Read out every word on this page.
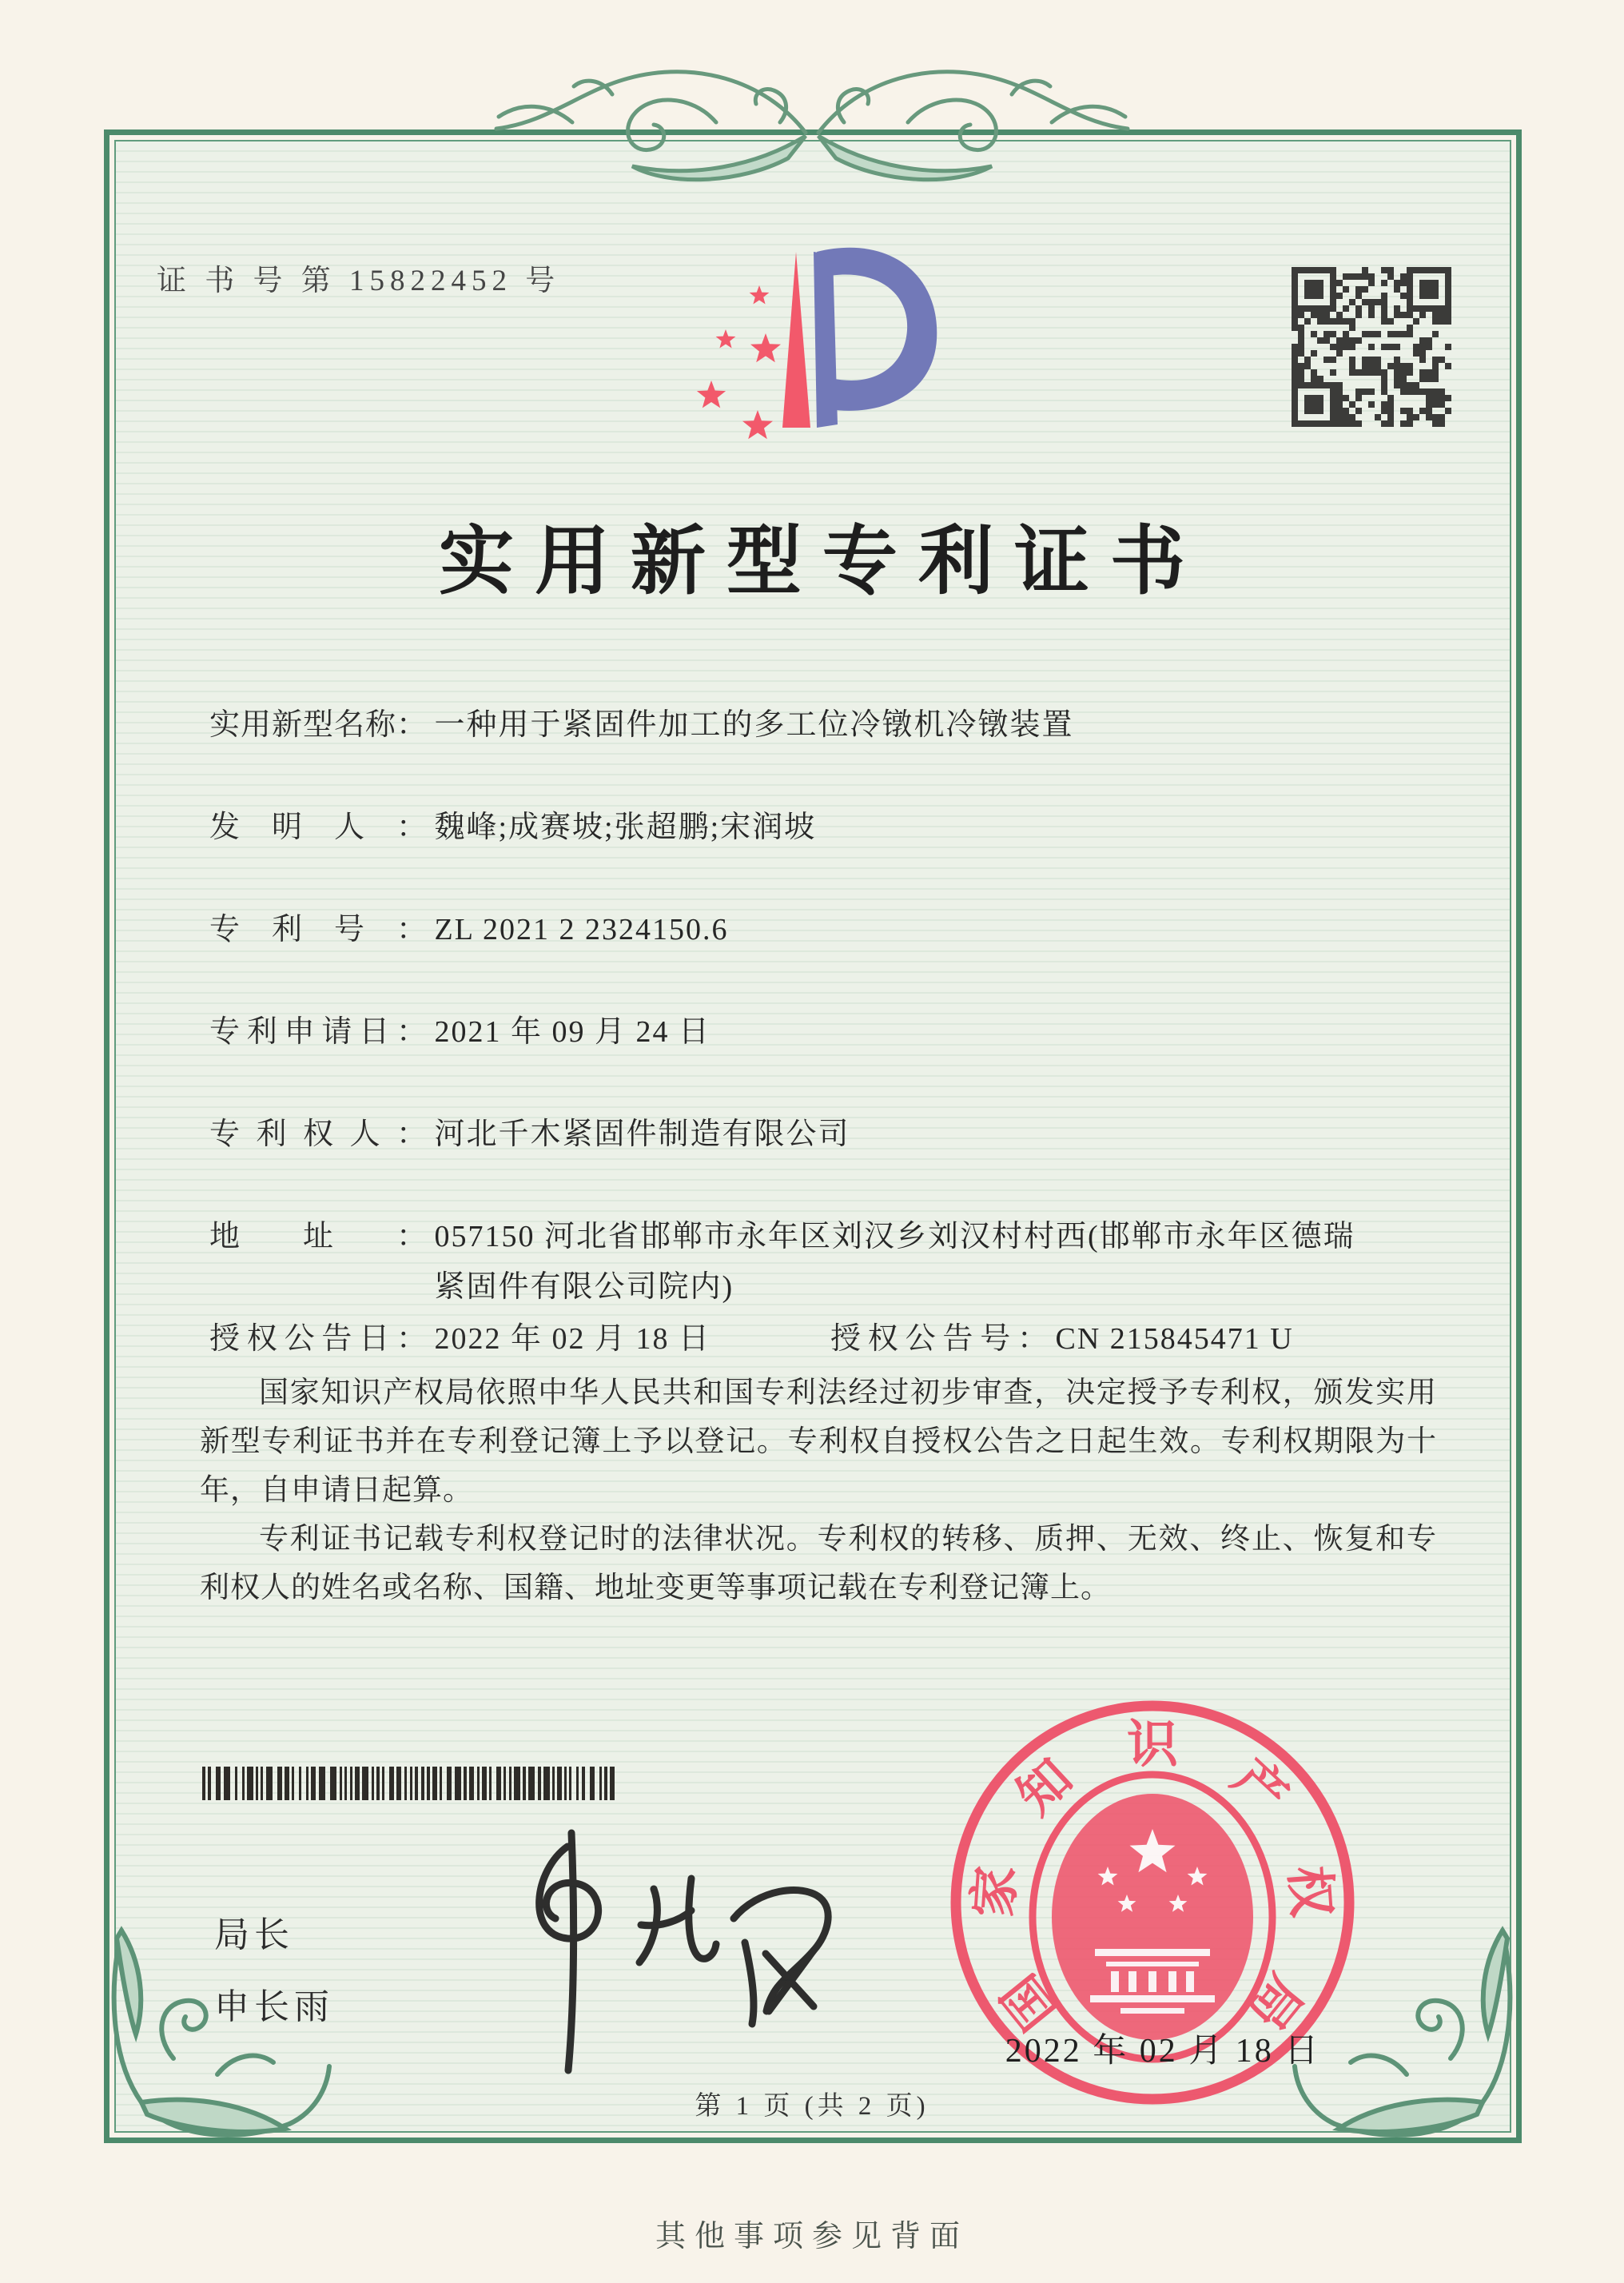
证 书 号 第 15822452 号
实用新型专利证书
实用新型名称： 一种用于紧固件加工的多工位冷镦机冷镦装置
发明人： 魏峰;成赛坡;张超鹏;宋润坡
专利号： ZL 2021 2 2324150.6
专利申请日： 2021 年 09 月 24 日
专利权人： 河北千木紧固件制造有限公司
地址： 057150 河北省邯郸市永年区刘汉乡刘汉村村西(邯郸市永年区德瑞紧固件有限公司院内)
授权公告日： 2022 年 02 月 18 日	授权公告号： CN 215845471 U

国家知识产权局依照中华人民共和国专利法经过初步审查，决定授予专利权，颁发实用新型专利证书并在专利登记簿上予以登记。专利权自授权公告之日起生效。专利权期限为十年，自申请日起算。

专利证书记载专利权登记时的法律状况。专利权的转移、质押、无效、终止、恢复和专利权人的姓名或名称、国籍、地址变更等事项记载在专利登记簿上。

局长
申长雨	国
家
知
识
产
权
局
2022 年 02 月 18 日
第 1 页 (共 2 页)
其他事项参见背面
